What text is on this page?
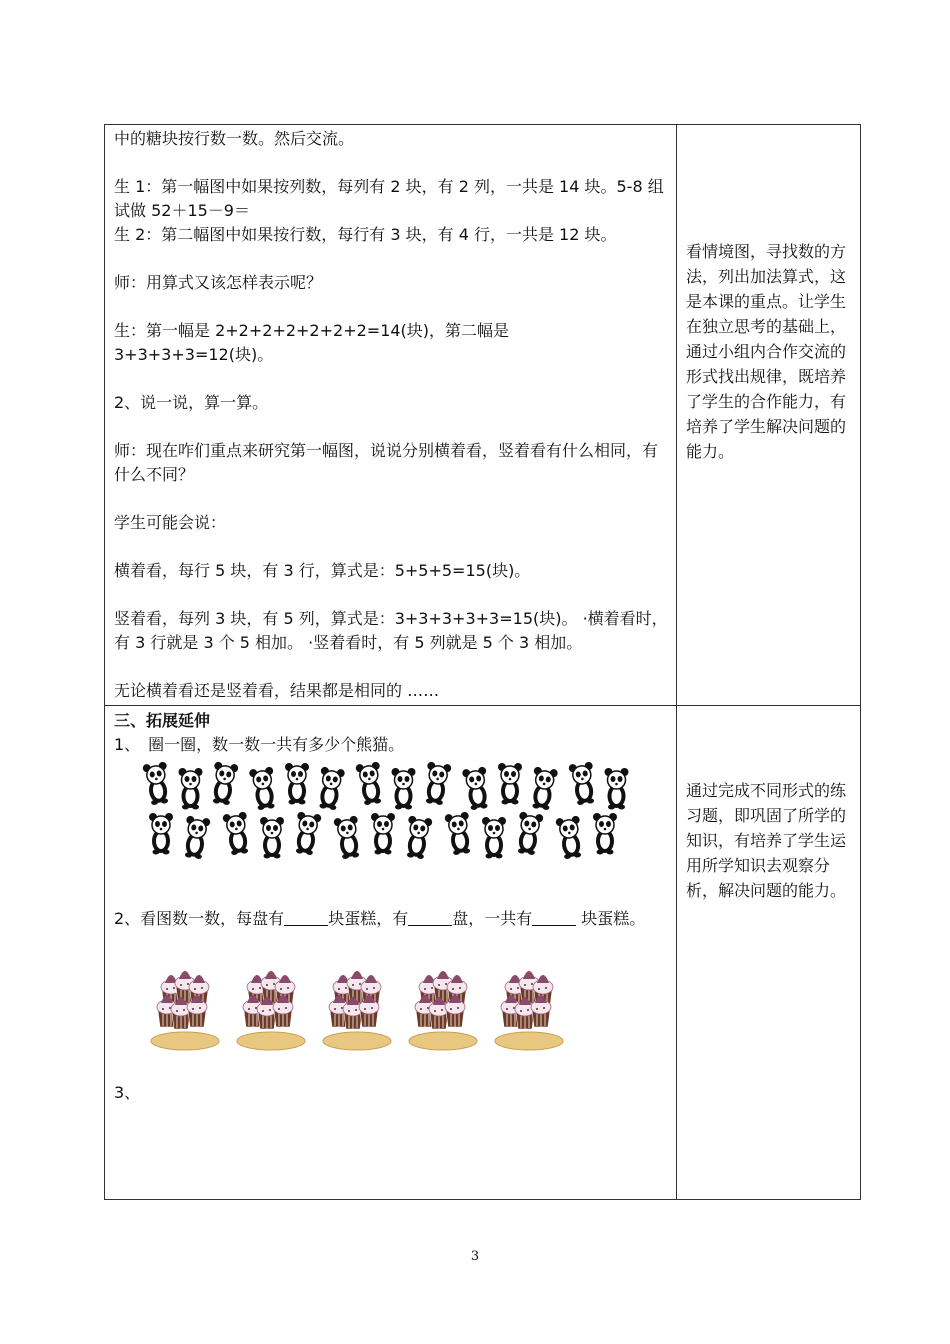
中的糖块按行数一数。然后交流。

生 1：第一幅图中如果按列数，每列有 2 块，有 2 列，一共是 14 块。5-8 组试做 52＋15－9＝

生 2：第二幅图中如果按行数，每行有 3 块，有 4 行，一共是 12 块。

师：用算式又该怎样表示呢？

生：第一幅是 2+2+2+2+2+2+2=14(块)，第二幅是 3+3+3+3=12(块)。

2、说一说，算一算。

师：现在咋们重点来研究第一幅图，说说分别横着看，竖着看有什么相同，有什么不同？

学生可能会说：

横着看，每行 5 块，有 3 行，算式是：5+5+5=15(块)。

竖着看，每列 3 块，有 5 列，算式是：3+3+3+3+3=15(块)。 ·横着看时，有 3 行就是 3 个 5 相加。 ·竖着看时，有 5 列就是 5 个 3 相加。

无论横着看还是竖着看，结果都是相同的 ……

看情境图，寻找数的方法，列出加法算式，这是本课的重点。让学生在独立思考的基础上，通过小组内合作交流的形式找出规律，既培养了学生的合作能力，有培养了学生解决问题的能力。

三、拓展延伸

1、　圈一圈，数一数一共有多少个熊猫。

2、看图数一数，每盘有	块蛋糕，有	盘，一共有	块蛋糕。
3、
通过完成不同形式的练习题，即巩固了所学的知识，有培养了学生运用所学知识去观察分析，解决问题的能力。
3
